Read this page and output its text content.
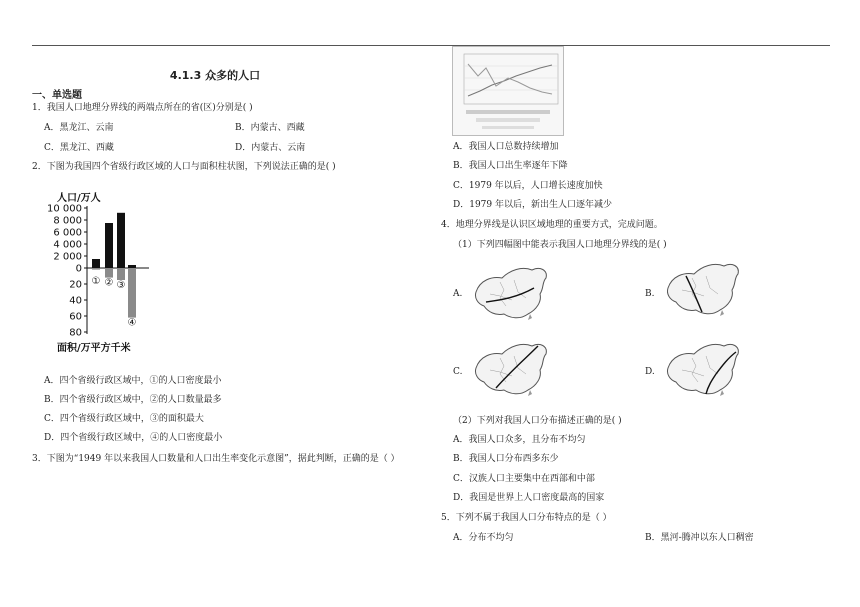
4.1.3 众多的人口
一、单选题
1．我国人口地理分界线的两端点所在的省(区)分别是( )
A．黑龙江、云南	B．内蒙古、西藏
C．黑龙江、西藏	D．内蒙古、云南
2．下图为我国四个省级行政区域的人口与面积柱状图，下列说法正确的是( )
人口/万人
面积/万平方千米
10 000
8 000
6 000
4 000
2 000
0
20
40
60
80
① ② ③
④
A．四个省级行政区域中，①的人口密度最小
B．四个省级行政区域中，②的人口数量最多
C．四个省级行政区域中，③的面积最大
D．四个省级行政区域中，④的人口密度最小
3．下图为“1949 年以来我国人口数量和人口出生率变化示意图”，据此判断，正确的是（ ）
A．我国人口总数持续增加
B．我国人口出生率逐年下降
C．1979 年以后，人口增长速度加快
D．1979 年以后，新出生人口逐年减少
4．地理分界线是认识区域地理的重要方式，完成问题。
（1）下列四幅图中能表示我国人口地理分界线的是( )
A.	B.
C.	D.
（2）下列对我国人口分布描述正确的是( )
A．我国人口众多，且分布不均匀
B．我国人口分布西多东少
C．汉族人口主要集中在西部和中部
D．我国是世界上人口密度最高的国家
5．下列不属于我国人口分布特点的是（ ）
A．分布不均匀	B．黑河-腾冲以东人口稠密
